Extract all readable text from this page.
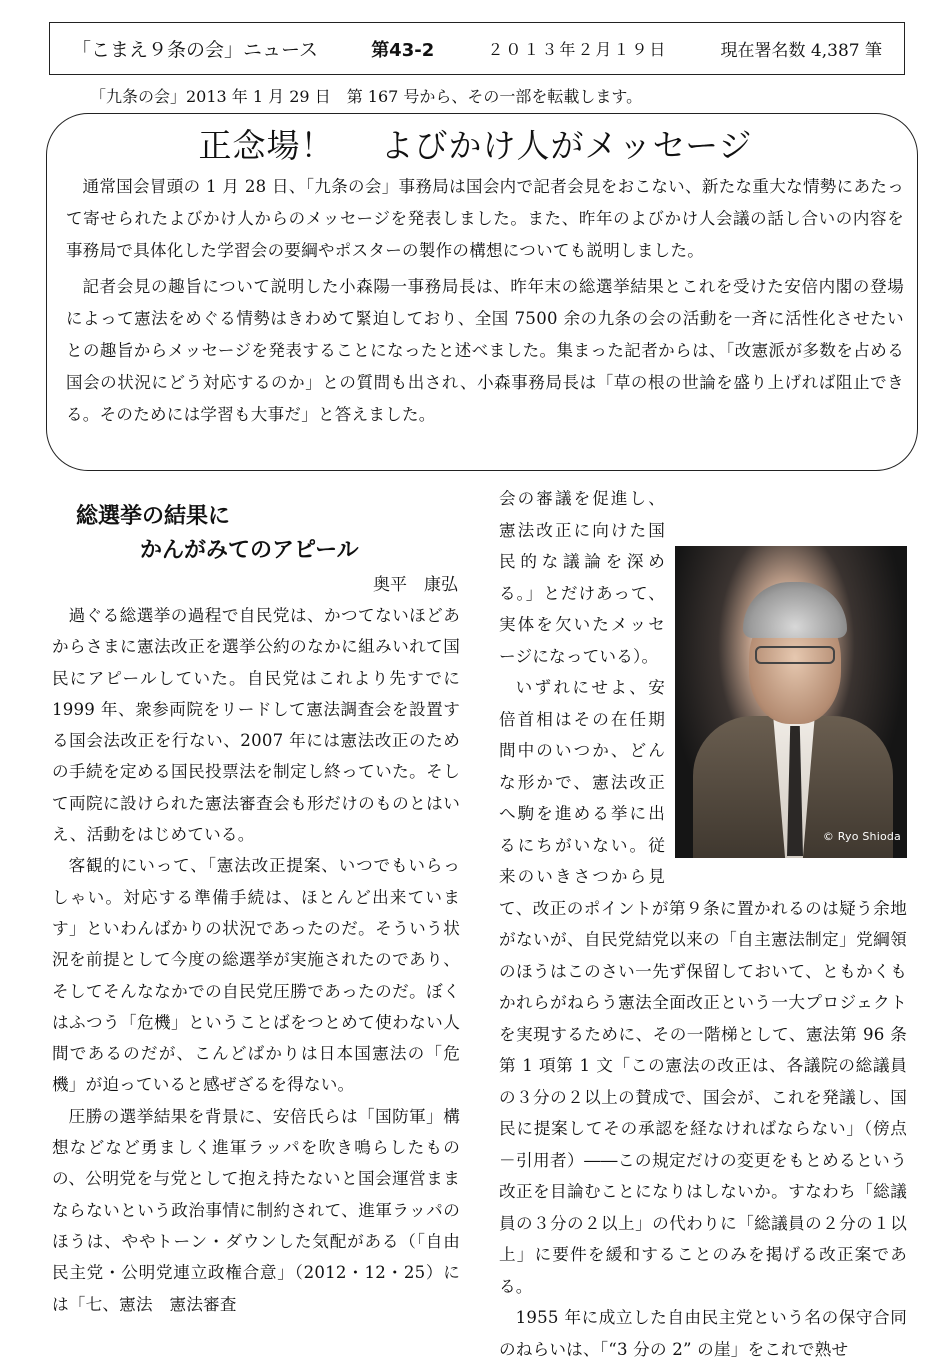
「こまえ９条の会」ニュース	第43-2	２０１３年２月１９日	現在署名数 4,387 筆
「九条の会」2013 年 1 月 29 日　第 167 号から、その一部を転載します。
正念場！ よびかけ人がメッセージ

通常国会冒頭の 1 月 28 日、「九条の会」事務局は国会内で記者会見をおこない、新たな重大な情勢にあたって寄せられたよびかけ人からのメッセージを発表しました。また、昨年のよびかけ人会議の話し合いの内容を事務局で具体化した学習会の要綱やポスターの製作の構想についても説明しました。

記者会見の趣旨について説明した小森陽一事務局長は、昨年末の総選挙結果とこれを受けた安倍内閣の登場によって憲法をめぐる情勢はきわめて緊迫しており、全国 7500 余の九条の会の活動を一斉に活性化させたいとの趣旨からメッセージを発表することになったと述べました。集まった記者からは、「改憲派が多数を占める国会の状況にどう対応するのか」との質問も出され、小森事務局長は「草の根の世論を盛り上げれば阻止できる。そのためには学習も大事だ」と答えました。

総選挙の結果に
かんがみてのアピール
奥平　康弘

過ぐる総選挙の過程で自民党は、かつてないほどあからさまに憲法改正を選挙公約のなかに組みいれて国民にアピールしていた。自民党はこれより先すでに 1999 年、衆参両院をリードして憲法調査会を設置する国会法改正を行ない、2007 年には憲法改正のための手続を定める国民投票法を制定し終っていた。そして両院に設けられた憲法審査会も形だけのものとはいえ、活動をはじめている。

客観的にいって、「憲法改正提案、いつでもいらっしゃい。対応する準備手続は、ほとんど出来ています」といわんばかりの状況であったのだ。そういう状況を前提として今度の総選挙が実施されたのであり、そしてそんななかでの自民党圧勝であったのだ。ぼくはふつう「危機」ということばをつとめて使わない人間であるのだが、こんどばかりは日本国憲法の「危機」が迫っていると感ぜざるを得ない。

圧勝の選挙結果を背景に、安倍氏らは「国防軍」構想などなど勇ましく進軍ラッパを吹き鳴らしたものの、公明党を与党として抱え持たないと国会運営ままならないという政治事情に制約されて、進軍ラッパのほうは、ややトーン・ダウンした気配がある（「自由民主党・公明党連立政権合意」（2012・12・25）には「七、憲法　憲法審査

© Ryo Shioda

会の審議を促進し、憲法改正に向けた国民的な議論を深める。」とだけあって、実体を欠いたメッセージになっている）。

いずれにせよ、安倍首相はその在任期間中のいつか、どんな形かで、憲法改正へ駒を進める挙に出るにちがいない。従来のいきさつから見て、改正のポイントが第９条に置かれるのは疑う余地がないが、自民党結党以来の「自主憲法制定」党綱領のほうはこのさい一先ず保留しておいて、ともかくもかれらがねらう憲法全面改正という一大プロジェクトを実現するために、その一階梯として、憲法第 96 条第 1 項第 1 文「この憲法の改正は、各議院の総議員の３分の２以上の賛成で、国会が、これを発議し、国民に提案してその承認を経なければならない」（傍点－引用者）――この規定だけの変更をもとめるという改正を目論むことになりはしないか。すなわち「総議員の３分の２以上」の代わりに「総議員の２分の１以上」に要件を緩和することのみを掲げる改正案である。

1955 年に成立した自由民主党という名の保守合同のねらいは、「“3 分の 2” の崖」をこれで熟せ
